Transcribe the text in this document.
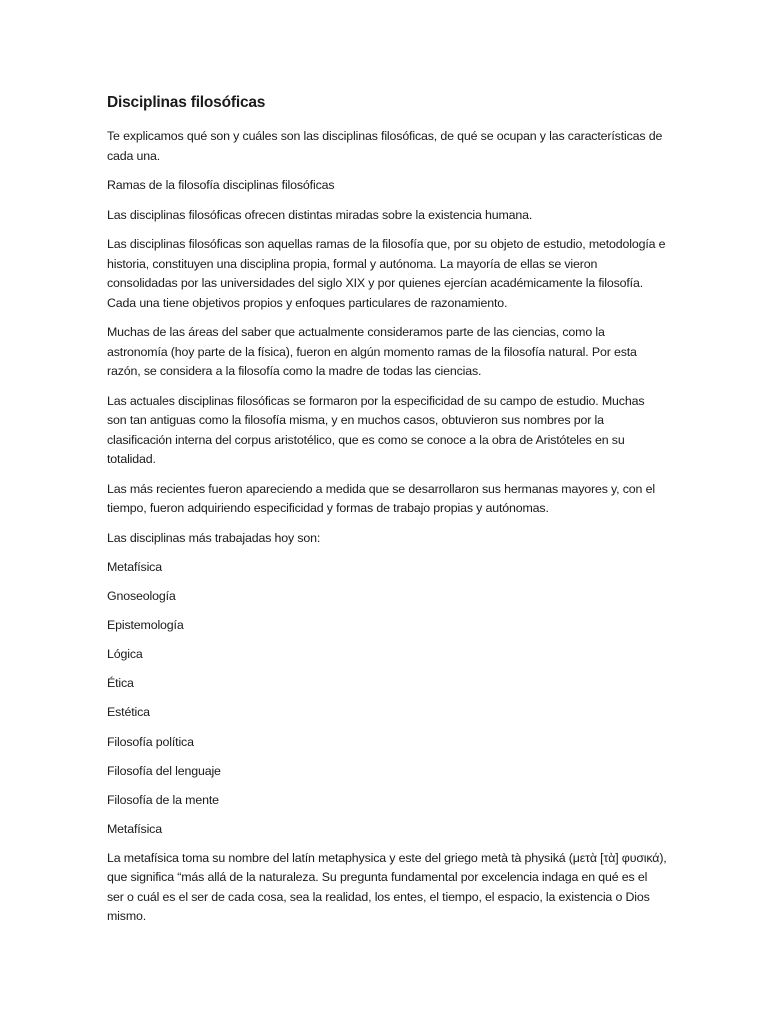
Disciplinas filosóficas

Te explicamos qué son y cuáles son las disciplinas filosóficas, de qué se ocupan y las características de cada una.

Ramas de la filosofía disciplinas filosóficas

Las disciplinas filosóficas ofrecen distintas miradas sobre la existencia humana.

Las disciplinas filosóficas son aquellas ramas de la filosofía que, por su objeto de estudio, metodología e historia, constituyen una disciplina propia, formal y autónoma. La mayoría de ellas se vieron consolidadas por las universidades del siglo XIX y por quienes ejercían académicamente la filosofía. Cada una tiene objetivos propios y enfoques particulares de razonamiento.

Muchas de las áreas del saber que actualmente consideramos parte de las ciencias, como la astronomía (hoy parte de la física), fueron en algún momento ramas de la filosofía natural. Por esta razón, se considera a la filosofía como la madre de todas las ciencias.

Las actuales disciplinas filosóficas se formaron por la especificidad de su campo de estudio. Muchas son tan antiguas como la filosofía misma, y en muchos casos, obtuvieron sus nombres por la clasificación interna del corpus aristotélico, que es como se conoce a la obra de Aristóteles en su totalidad.

Las más recientes fueron apareciendo a medida que se desarrollaron sus hermanas mayores y, con el tiempo, fueron adquiriendo especificidad y formas de trabajo propias y autónomas.

Las disciplinas más trabajadas hoy son:

Metafísica
Gnoseología
Epistemología
Lógica
Ética
Estética
Filosofía política
Filosofía del lenguaje
Filosofía de la mente

Metafísica

La metafísica toma su nombre del latín metaphysica y este del griego metà tà physiká (μετὰ [τὰ] φυσικά), que significa “más allá de la naturaleza. Su pregunta fundamental por excelencia indaga en qué es el ser o cuál es el ser de cada cosa, sea la realidad, los entes, el tiempo, el espacio, la existencia o Dios mismo.
